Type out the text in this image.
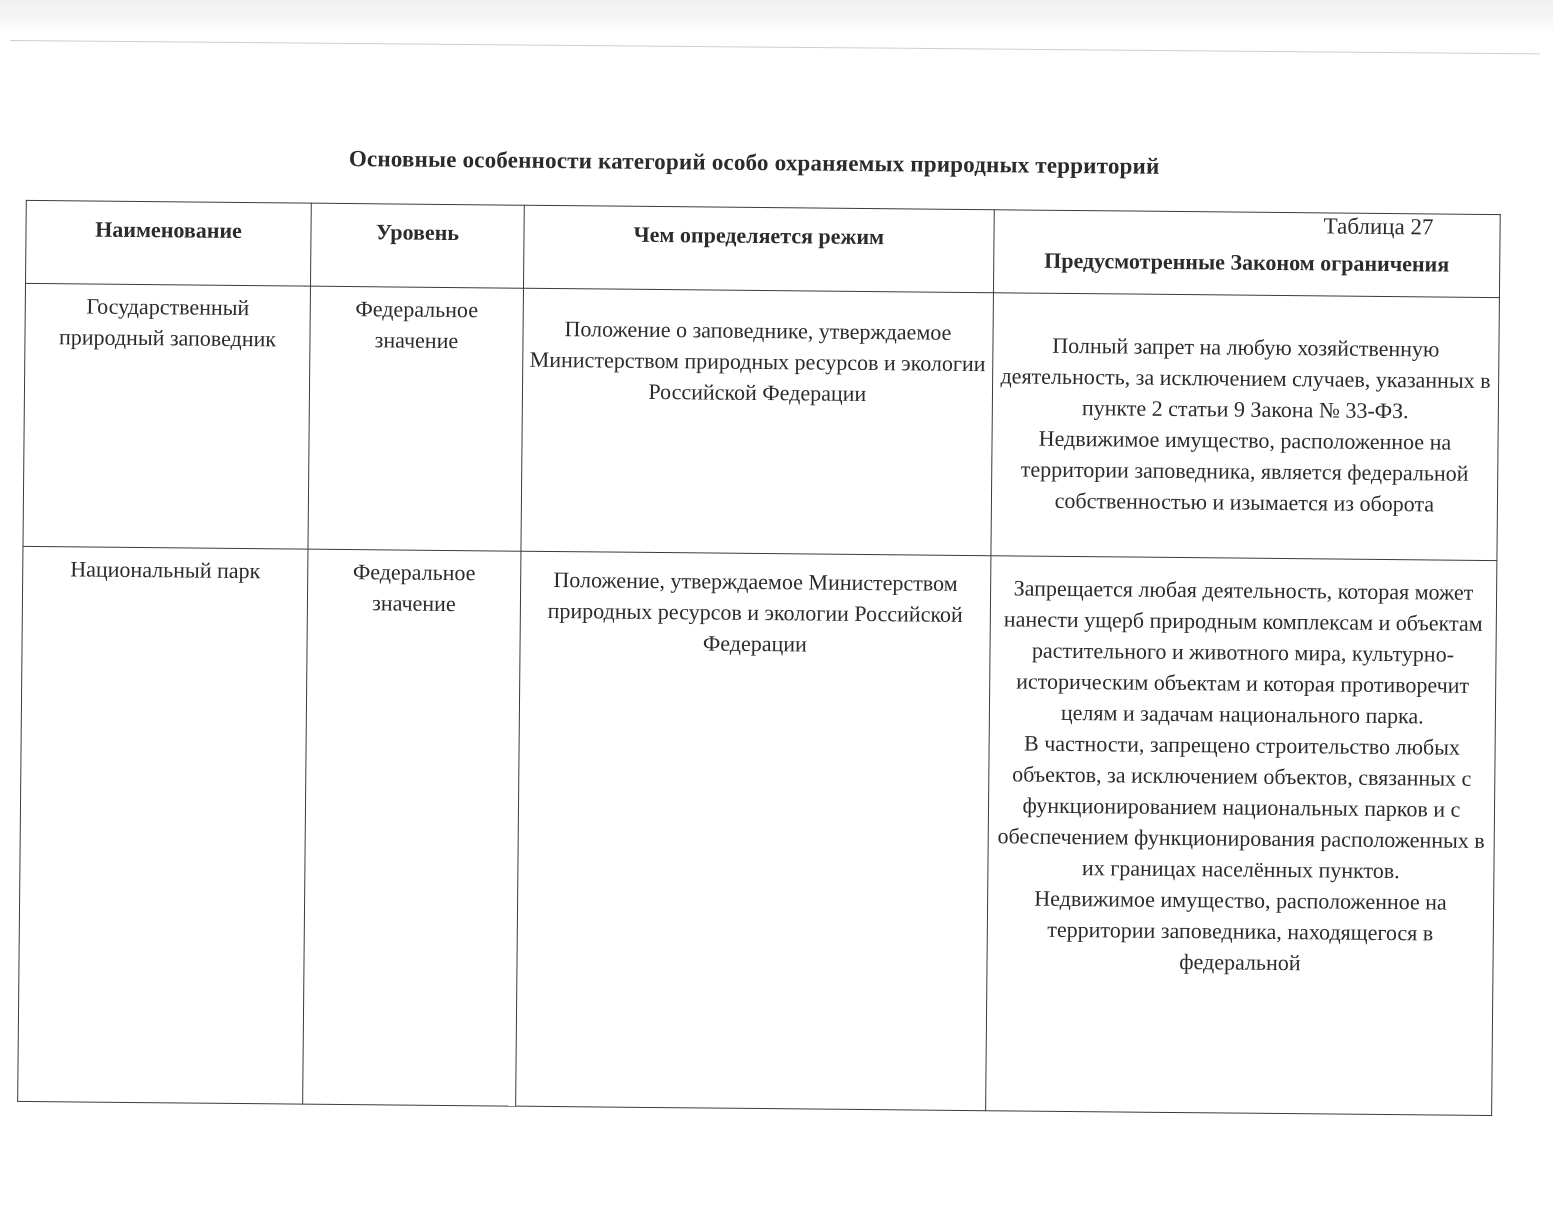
Основные особенности категорий особо охраняемых природных территорий
Наименование	Уровень	Чем определяется режим	Предусмотренные Законом ограничения
Государственный природный заповедник	Федеральное значение	Положение о заповеднике, утверждаемое Министерством природных ресурсов и экологии Российской Федерации	Полный запрет на любую хозяйственную деятельность, за исключением случаев, указанных в пункте 2 статьи 9 Закона № 33-ФЗ.

Недвижимое имущество, расположенное на территории заповедника, является федеральной собственностью и изымается из оборота

Национальный парк	Федеральное значение	Положение, утверждаемое Министерством природных ресурсов и экологии Российской Федерации	Запрещается любая деятельность, которая может нанести ущерб природным комплексам и объектам растительного и животного мира, культурно-историческим объектам и которая противоречит целям и задачам национального парка.

В частности, запрещено строительство любых объектов, за исключением объектов, связанных с функционированием национальных парков и с обеспечением функционирования расположенных в их границах населённых пунктов.

Недвижимое имущество, расположенное на территории заповедника, находящегося в федеральной

Таблица 27
